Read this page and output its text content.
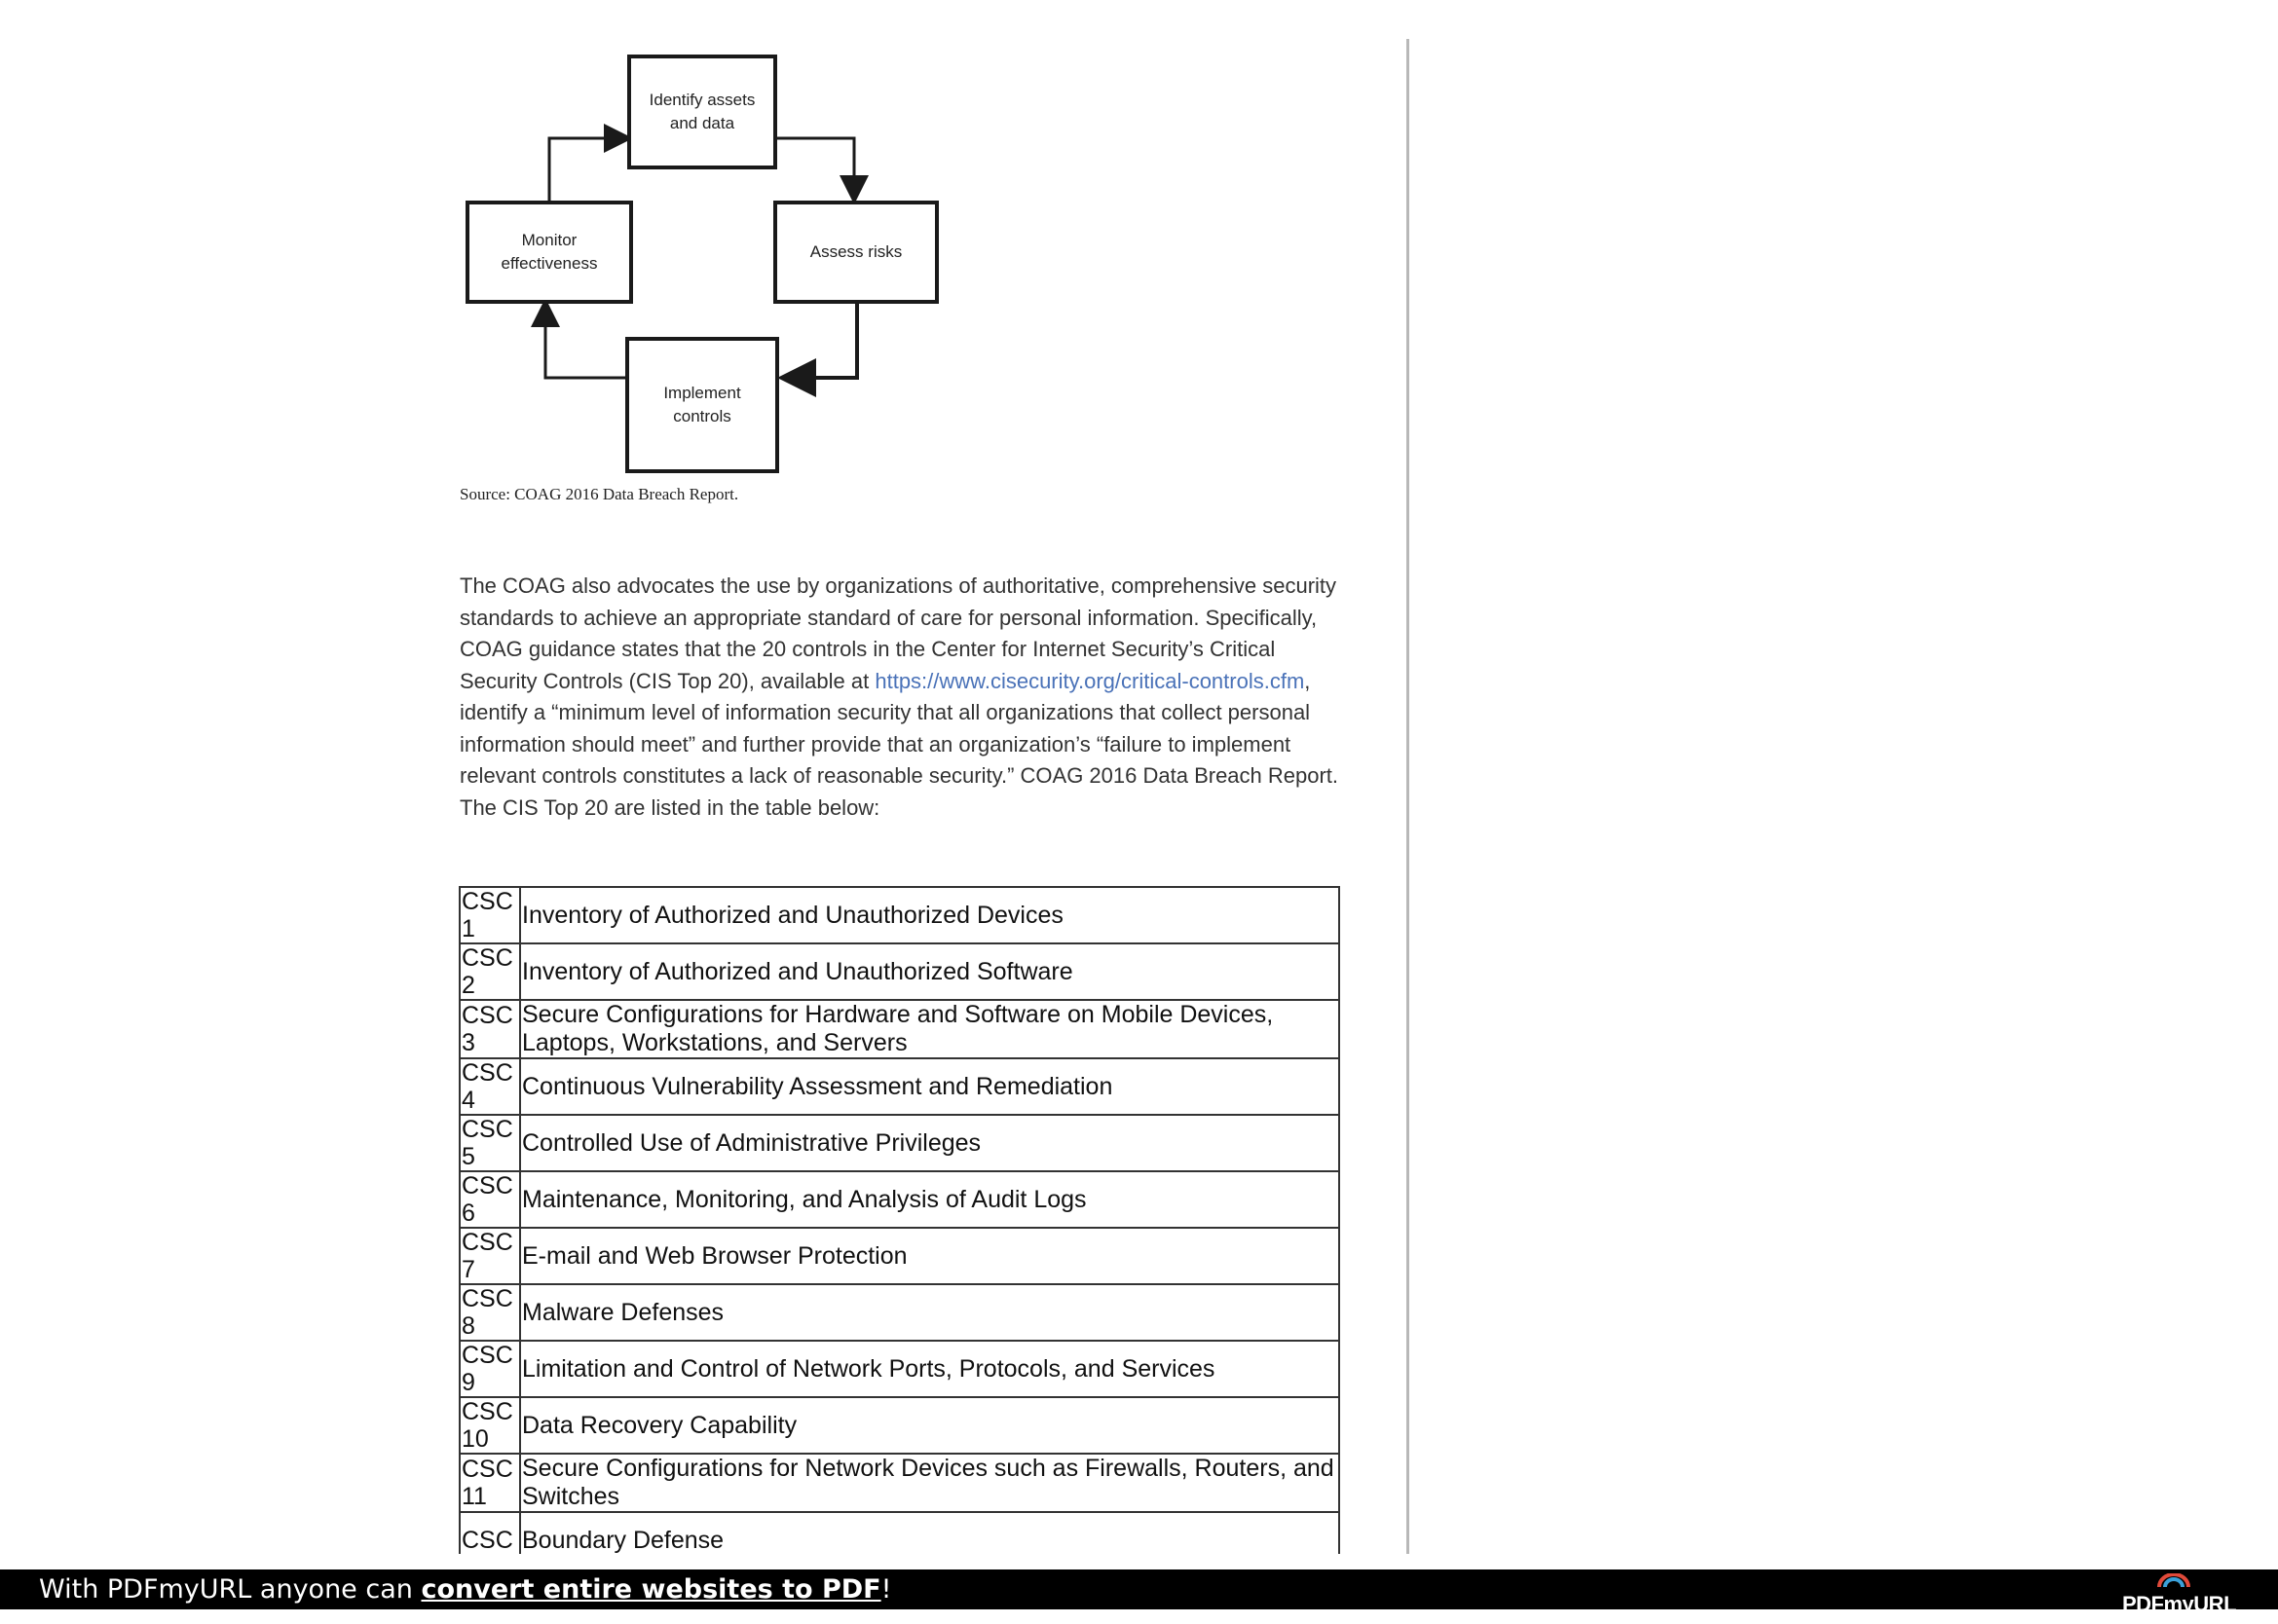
Identify assets
and data
Assess risks
Implement
controls
Monitor
effectiveness
Source: COAG 2016 Data Breach Report.
The COAG also advocates the use by organizations of authoritative, comprehensive security standards to achieve an appropriate standard of care for personal information. Specifically, COAG guidance states that the 20 controls in the Center for Internet Security’s Critical Security Controls (CIS Top 20), available at https://www.cisecurity.org/critical-controls.cfm, identify a “minimum level of information security that all organizations that collect personal information should meet” and further provide that an organization’s “failure to implement relevant controls constitutes a lack of reasonable security.” COAG 2016 Data Breach Report. The CIS Top 20 are listed in the table below:
CSC 1	Inventory of Authorized and Unauthorized Devices
CSC 2	Inventory of Authorized and Unauthorized Software
CSC 3	Secure Configurations for Hardware and Software on Mobile Devices, Laptops, Workstations, and Servers
CSC 4	Continuous Vulnerability Assessment and Remediation
CSC 5	Controlled Use of Administrative Privileges
CSC 6	Maintenance, Monitoring, and Analysis of Audit Logs
CSC 7	E-mail and Web Browser Protection
CSC 8	Malware Defenses
CSC 9	Limitation and Control of Network Ports, Protocols, and Services
CSC 10	Data Recovery Capability
CSC 11	Secure Configurations for Network Devices such as Firewalls, Routers, and Switches
CSC	Boundary Defense
With PDFmyURL anyone can convert entire websites to PDF!	PDFmyURL
